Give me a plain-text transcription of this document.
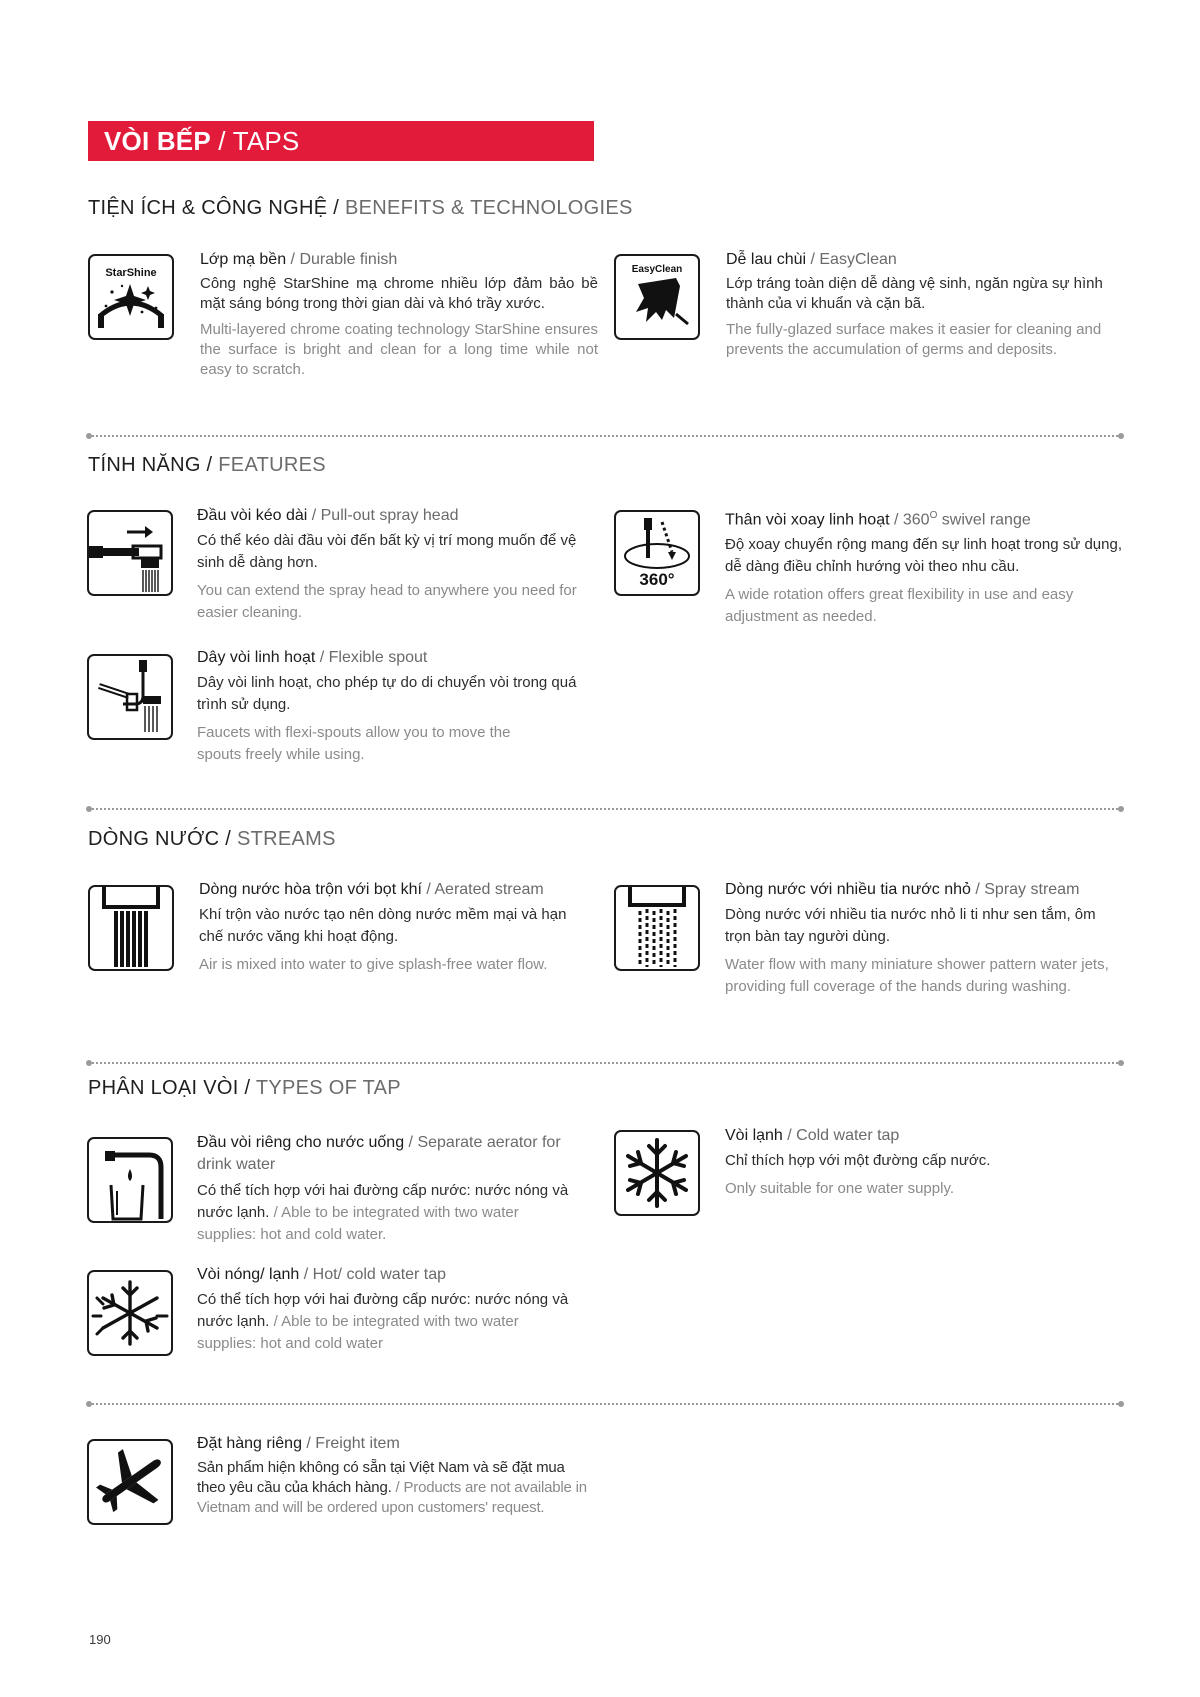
VÒI BẾP / TAPS
TIỆN ÍCH & CÔNG NGHỆ / BENEFITS & TECHNOLOGIES
StarShine
Lớp mạ bền / Durable finish
Công nghệ StarShine mạ chrome nhiều lớp đảm bảo bề mặt sáng bóng trong thời gian dài và khó trầy xước.
Multi-layered chrome coating technology StarShine ensures the surface is bright and clean for a long time while not easy to scratch.
EasyClean
Dễ lau chùi / EasyClean
Lớp tráng toàn diện dễ dàng vệ sinh, ngăn ngừa sự hình thành của vi khuẩn và cặn bã.
The fully-glazed surface makes it easier for cleaning and prevents the accumulation of germs and deposits.
TÍNH NĂNG / FEATURES
Đầu vòi kéo dài / Pull-out spray head
Có thể kéo dài đầu vòi đến bất kỳ vị trí mong muốn để vệ sinh dễ dàng hơn.
You can extend the spray head to anywhere you need for easier cleaning.
360°
Thân vòi xoay linh hoạt / $360^O$ swivel range
Độ xoay chuyển rộng mang đến sự linh hoạt trong sử dụng, dễ dàng điều chỉnh hướng vòi theo nhu cầu.
A wide rotation offers great flexibility in use and easy adjustment as needed.
Dây vòi linh hoạt / Flexible spout
Dây vòi linh hoạt, cho phép tự do di chuyển vòi trong quá trình sử dụng.
Faucets with flexi-spouts allow you to move the spouts freely while using.
DÒNG NƯỚC / STREAMS
Dòng nước hòa trộn với bọt khí / Aerated stream
Khí trộn vào nước tạo nên dòng nước mềm mại và hạn chế nước văng khi hoạt động.
Air is mixed into water to give splash-free water flow.
Dòng nước với nhiều tia nước nhỏ / Spray stream
Dòng nước với nhiều tia nước nhỏ li ti như sen tắm, ôm trọn bàn tay người dùng.
Water flow with many miniature shower pattern water jets, providing full coverage of the hands during washing.
PHÂN LOẠI VÒI / TYPES OF TAP
Đầu vòi riêng cho nước uống / Separate aerator for drink water
Có thể tích hợp với hai đường cấp nước: nước nóng và nước lạnh. / Able to be integrated with two water supplies: hot and cold water.
Vòi lạnh / Cold water tap
Chỉ thích hợp với một đường cấp nước.
Only suitable for one water supply.
Vòi nóng/ lạnh / Hot/ cold water tap
Có thể tích hợp với hai đường cấp nước: nước nóng và nước lạnh. / Able to be integrated with two water supplies: hot and cold water
Đặt hàng riêng / Freight item
Sản phẩm hiện không có sẵn tại Việt Nam và sẽ đặt mua theo yêu cầu của khách hàng. / Products are not available in Vietnam and will be ordered upon customers' request.
190
